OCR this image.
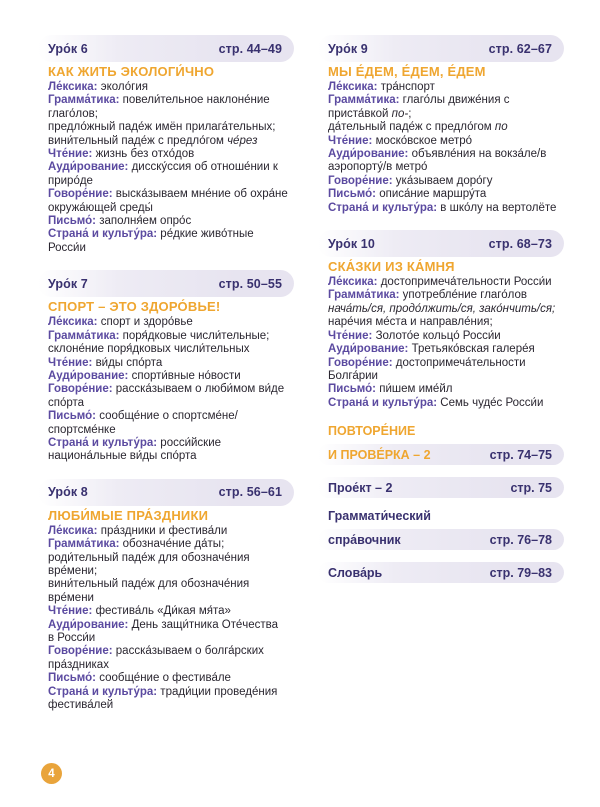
Уро́к 6	стр. 44–49
КАК ЖИТЬ ЭКОЛОГИ́ЧНО
Ле́ксика: эколо́гия
Грамма́тика: повели́тельное наклоне́ние
глаго́лов;
предло́жный паде́ж имён прилага́тельных;
вини́тельный паде́ж с предло́гом че́рез
Чте́ние: жизнь без отхо́дов
Ауди́рование: дисску́ссия об отноше́нии к
приро́де
Говоре́ние: выска́зываем мне́ние об охра́не
окружа́ющей среды́
Письмо́: заполня́ем опро́с
Страна́ и культу́ра: ре́дкие живо́тные
Росси́и
Уро́к 7	стр. 50–55
СПОРТ – ЭТО ЗДОРО́ВЬЕ!
Ле́ксика: спорт и здоро́вье
Грамма́тика: поря́дковые числи́тельные;
склоне́ние поря́дковых числи́тельных
Чте́ние: ви́ды спо́рта
Ауди́рование: спорти́вные но́вости
Говоре́ние: расска́зываем о люби́мом ви́де
спо́рта
Письмо́: сообще́ние о спортсме́не/
спортсме́нке
Страна́ и культу́ра: росси́йские
национа́льные ви́ды спо́рта
Уро́к 8	стр. 56–61
ЛЮБИ́МЫЕ ПРА́ЗДНИКИ
Ле́ксика: пра́здники и фестива́ли
Грамма́тика: обозначе́ние да́ты;
роди́тельный паде́ж для обозначе́ния
вре́мени;
вини́тельный паде́ж для обозначе́ния
вре́мени
Чте́ние: фестива́ль «Ди́кая мя́та»
Ауди́рование: День защи́тника Оте́чества
в Росси́и
Говоре́ние: расска́зываем о болга́рских
пра́здниках
Письмо́: сообще́ние о фестива́ле
Страна́ и культу́ра: тради́ции проведе́ния
фестива́лей
Уро́к 9	стр. 62–67
МЫ Е́ДЕМ, Е́ДЕМ, Е́ДЕМ
Ле́ксика: тра́нспорт
Грамма́тика: глаго́лы движе́ния с
приста́вкой по-;
да́тельный паде́ж с предло́гом по
Чте́ние: моско́вское метро́
Ауди́рование: объявле́ния на вокза́ле/в
аэропорту́/в метро́
Говоре́ние: ука́зываем доро́гу
Письмо́: описа́ние маршру́та
Страна́ и культу́ра: в шко́лу на вертолёте
Уро́к 10	стр. 68–73
СКА́ЗКИ ИЗ КА́МНЯ
Ле́ксика: достопримеча́тельности Росси́и
Грамма́тика: употребле́ние глаго́лов
нача́ть/ся, продо́лжить/ся, зако́нчить/ся;
наре́чия ме́ста и направле́ния;
Чте́ние: Золото́е кольцо́ Росси́и
Ауди́рование: Третьяко́вская галере́я
Говоре́ние: достопримеча́тельности
Болга́рии
Письмо́: пи́шем име́йл
Страна́ и культу́ра: Семь чуде́с Росси́и
ПОВТОРЕ́НИЕ
И ПРОВЕ́РКА – 2	стр. 74–75
Прое́кт – 2	стр. 75
Граммати́ческий
спра́вочник	стр. 76–78
Слова́рь	стр. 79–83
4
